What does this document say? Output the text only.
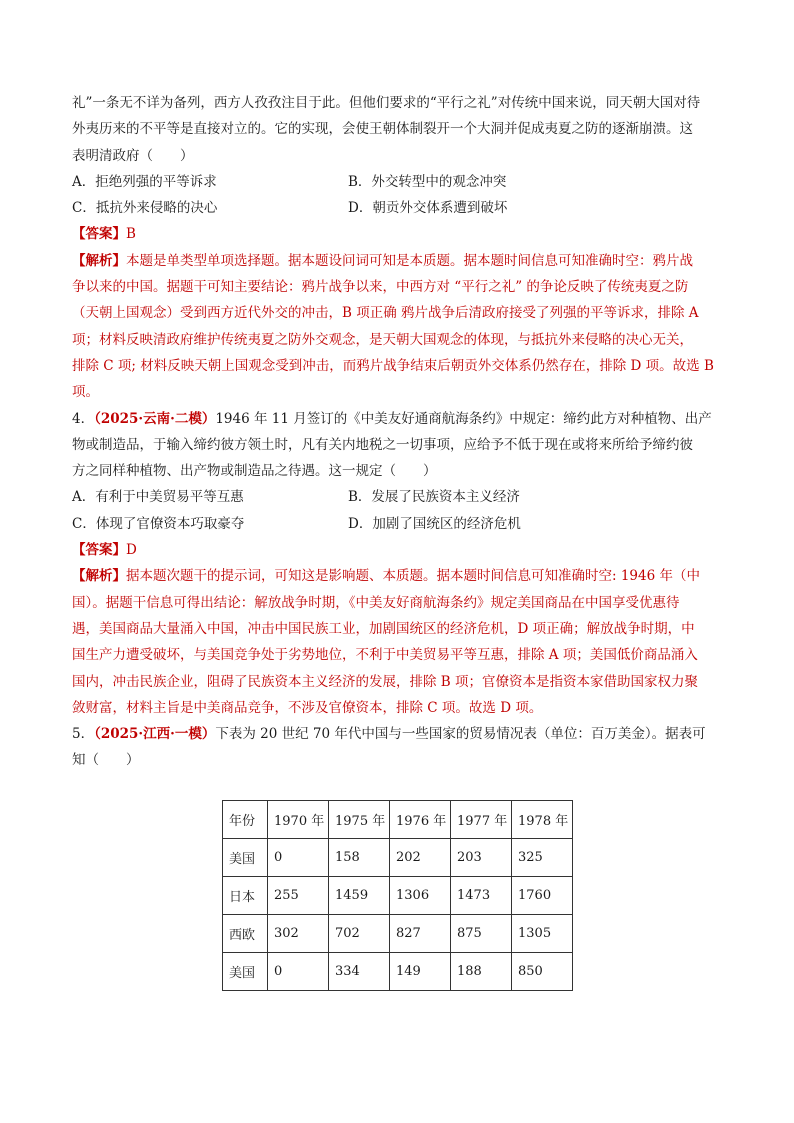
礼”一条无不详为备列，西方人孜孜注目于此。但他们要求的“平行之礼”对传统中国来说，同天朝大国对待
外夷历来的不平等是直接对立的。它的实现，会使王朝体制裂开一个大洞并促成夷夏之防的逐渐崩溃。这
表明清政府（　　）
A．拒绝列强的平等诉求	B．外交转型中的观念冲突
C．抵抗外来侵略的决心	D．朝贡外交体系遭到破坏
【答案】B
【解析】本题是单类型单项选择题。据本题设问词可知是本质题。据本题时间信息可知准确时空：鸦片战
争以来的中国。据题干可知主要结论：鸦片战争以来，中西方对 “平行之礼” 的争论反映了传统夷夏之防
（天朝上国观念）受到西方近代外交的冲击，B 项正确 鸦片战争后清政府接受了列强的平等诉求，排除 A
项；材料反映清政府维护传统夷夏之防外交观念，是天朝大国观念的体现，与抵抗外来侵略的决心无关，
排除 C 项; 材料反映天朝上国观念受到冲击，而鸦片战争结束后朝贡外交体系仍然存在，排除 D 项。故选 B
项。
4．（2025·云南·二模）1946 年 11 月签订的《中美友好通商航海条约》中规定：缔约此方对种植物、出产
物或制造品，于输入缔约彼方领土时，凡有关内地税之一切事项，应给予不低于现在或将来所给予缔约彼
方之同样种植物、出产物或制造品之待遇。这一规定（　　）
A．有利于中美贸易平等互惠	B．发展了民族资本主义经济
C．体现了官僚资本巧取豪夺	D．加剧了国统区的经济危机
【答案】D
【解析】据本题次题干的提示词，可知这是影响题、本质题。据本题时间信息可知准确时空: 1946 年（中
国）。据题干信息可得出结论：解放战争时期，《中美友好商航海条约》规定美国商品在中国享受优惠待
遇，美国商品大量涌入中国，冲击中国民族工业，加剧国统区的经济危机，D 项正确；解放战争时期，中
国生产力遭受破坏，与美国竞争处于劣势地位，不利于中美贸易平等互惠，排除 A 项；美国低价商品涌入
国内，冲击民族企业，阻碍了民族资本主义经济的发展，排除 B 项；官僚资本是指资本家借助国家权力聚
敛财富，材料主旨是中美商品竞争，不涉及官僚资本，排除 C 项。故选 D 项。
5．（2025·江西·一模）下表为 20 世纪 70 年代中国与一些国家的贸易情况表（单位：百万美金）。据表可
知（　　）
年份	1970 年	1975 年	1976 年	1977 年	1978 年
美国	0	158	202	203	325
日本	255	1459	1306	1473	1760
西欧	302	702	827	875	1305
美国	0	334	149	188	850
